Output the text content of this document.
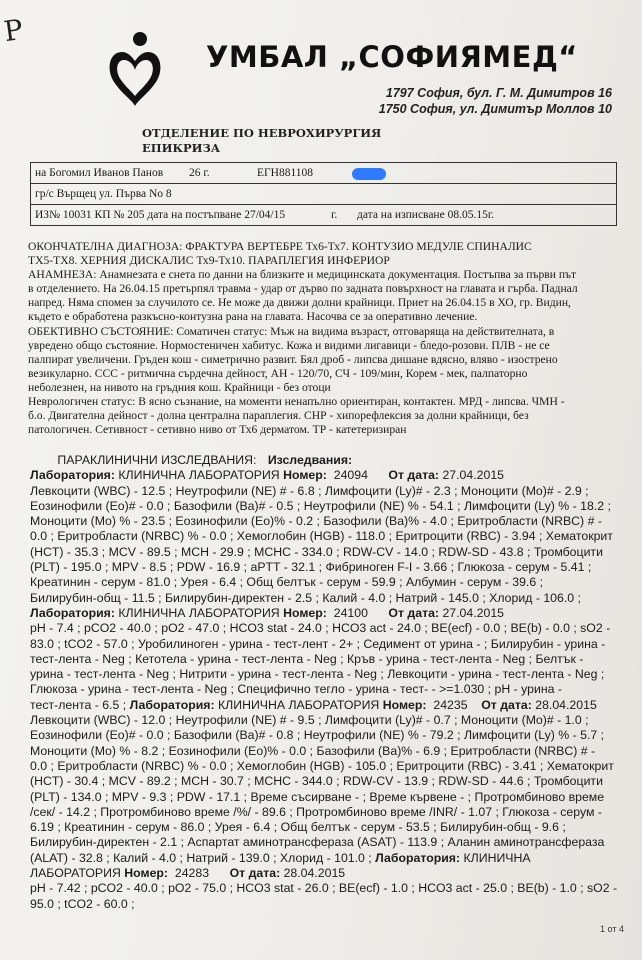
P
УМБАЛ „СОФИЯМЕД“
1797 София, бул. Г. М. Димитров 16
1750 София, ул. Димитър Моллов 10
ОТДЕЛЕНИЕ ПО НЕВРОХИРУРГИЯ
ЕПИКРИЗА
на Богомил Иванов Панов 26 г.	ЕГН881108
гр/с Върщец ул. Първа No 8
ИЗ№ 10031 КП № 205 дата на постъпване 27/04/15	г. дата на изписване 08.05.15г.

ОКОНЧАТЕЛНА ДИАГНОЗА: ФРАКТУРА ВЕРТЕБРЕ Тх6-Тх7. КОНТУЗИО МЕДУЛЕ СПИНАЛИС

ТХ5-ТХ8. ХЕРНИЯ ДИСКАЛИС Тх9-Тх10. ПАРАПЛЕГИЯ ИНФЕРИОР

АНАМНЕЗА: Анамнезата е снета по данни на близките и медицинската документация. Постъпва за първи път

в отделението. На 26.04.15 претърпял травма - удар от дърво по задната повърхност на главата и гърба. Паднал

напред. Няма спомен за случилото се. Не може да движи долни крайници. Приет на 26.04.15 в ХО, гр. Видин,

където е обработена разкъсно-контузна рана на главата. Насочва се за оперативно лечение.

ОБЕКТИВНО СЪСТОЯНИЕ: Соматичен статус: Мъж на видима възраст, отговаряща на действителната, в

увредено общо състояние. Нормостеничен хабитус. Кожа и видими лигавици - бледо-розови. ПЛВ - не се

палпират увеличени. Гръден кош - симетрично развит. Бял дроб - липсва дишане вдясно, вляво - изострено

везикуларно. ССС - ритмична сърдечна дейност, АН - 120/70, СЧ - 109/мин, Корем - мек, палпаторно

неболезнен, на нивото на гръдния кош. Крайници - без отоци

Неврологичен статус: В ясно съзнание, на моменти ненапълно ориентиран, контактен. МРД - липсва. ЧМН -

б.о. Двигателна дейност - долна централна параплегия. СНР - хипорефлексия за долни крайници, без

патологичен. Сетивност - сетивно ниво от Тх6 дерматом. ТР - катетеризиран

ПАРАКЛИНИЧНИ ИЗСЛЕДВАНИЯ: Изследвания:

Лаборатория: КЛИНИЧНА ЛАБОРАТОРИЯ Номер:  24094      От дата: 27.04.2015

Левкоцити (WBC) - 12.5 ; Неутрофили (NE) # - 6.8 ; Лимфоцити (Ly)# - 2.3 ; Моноцити (Mo)# - 2.9 ;

Еозинофили (Eo)# - 0.0 ; Базофили (Ba)# - 0.5 ; Неутрофили (NE) % - 54.1 ; Лимфоцити (Ly) % - 18.2 ;

Моноцити (Mo) % - 23.5 ; Еозинофили (Eo)% - 0.2 ; Базофили (Ba)% - 4.0 ; Еритробласти (NRBC) # -

0.0 ; Еритробласти (NRBC) % - 0.0 ; Хемоглобин (HGB) - 118.0 ; Еритроцити (RBC) - 3.94 ; Хематокрит

(HCT) - 35.3 ; MCV - 89.5 ; MCH - 29.9 ; MCHC - 334.0 ; RDW-CV - 14.0 ; RDW-SD - 43.8 ; Тромбоцити

(PLT) - 195.0 ; MPV - 8.5 ; PDW - 16.9 ; aPTT - 32.1 ; Фибриноген F-I - 3.66 ; Глюкоза - серум - 5.41 ;

Креатинин - серум - 81.0 ; Урея - 6.4 ; Общ белтък - серум - 59.9 ; Албумин - серум - 39.6 ;

Билирубин-общ - 11.5 ; Билирубин-директен - 2.5 ; Калий - 4.0 ; Натрий - 145.0 ; Хлорид - 106.0 ;

Лаборатория: КЛИНИЧНА ЛАБОРАТОРИЯ Номер:  24100      От дата: 27.04.2015

pH - 7.4 ; pCO2 - 40.0 ; pO2 - 47.0 ; HCO3 stat - 24.0 ; HCO3 act - 24.0 ; BE(ecf) - 0.0 ; BE(b) - 0.0 ; sO2 -

83.0 ; tCO2 - 57.0 ; Уробилиноген - урина - тест-лент - 2+ ; Седимент от урина - ; Билирубин - урина -

тест-лента - Neg ; Кетотела - урина - тест-лента - Neg ; Кръв - урина - тест-лента - Neg ; Белтък -

урина - тест-лента - Neg ; Нитрити - урина - тест-лента - Neg ; Левкоцити - урина - тест-лента - Neg ;

Глюкоза - урина - тест-лента - Neg ; Специфично тегло - урина - тест- - >=1.030 ; pH - урина -

тест-лента - 6.5 ; Лаборатория: КЛИНИЧНА ЛАБОРАТОРИЯ Номер:  24235    От дата: 28.04.2015

Левкоцити (WBC) - 12.0 ; Неутрофили (NE) # - 9.5 ; Лимфоцити (Ly)# - 0.7 ; Моноцити (Mo)# - 1.0 ;

Еозинофили (Eo)# - 0.0 ; Базофили (Ba)# - 0.8 ; Неутрофили (NE) % - 79.2 ; Лимфоцити (Ly) % - 5.7 ;

Моноцити (Mo) % - 8.2 ; Еозинофили (Eo)% - 0.0 ; Базофили (Ba)% - 6.9 ; Еритробласти (NRBC) # -

0.0 ; Еритробласти (NRBC) % - 0.0 ; Хемоглобин (HGB) - 105.0 ; Еритроцити (RBC) - 3.41 ; Хематокрит

(HCT) - 30.4 ; MCV - 89.2 ; MCH - 30.7 ; MCHC - 344.0 ; RDW-CV - 13.9 ; RDW-SD - 44.6 ; Тромбоцити

(PLT) - 134.0 ; MPV - 9.3 ; PDW - 17.1 ; Време съсирване - ; Време кървене - ; Протромбиново време

/сек/ - 14.2 ; Протромбиново време /%/ - 89.6 ; Протромбиново време /INR/ - 1.07 ; Глюкоза - серум -

6.19 ; Креатинин - серум - 86.0 ; Урея - 6.4 ; Общ белтък - серум - 53.5 ; Билирубин-общ - 9.6 ;

Билирубин-директен - 2.1 ; Аспартат аминотрансфераза (ASAT) - 113.9 ; Аланин аминотрансфераза

(ALAT) - 32.8 ; Калий - 4.0 ; Натрий - 139.0 ; Хлорид - 101.0 ; Лаборатория: КЛИНИЧНА

ЛАБОРАТОРИЯ Номер:  24283      От дата: 28.04.2015

pH - 7.42 ; pCO2 - 40.0 ; pO2 - 75.0 ; HCO3 stat - 26.0 ; BE(ecf) - 1.0 ; HCO3 act - 25.0 ; BE(b) - 1.0 ; sO2 -

95.0 ; tCO2 - 60.0 ;

1 от 4
